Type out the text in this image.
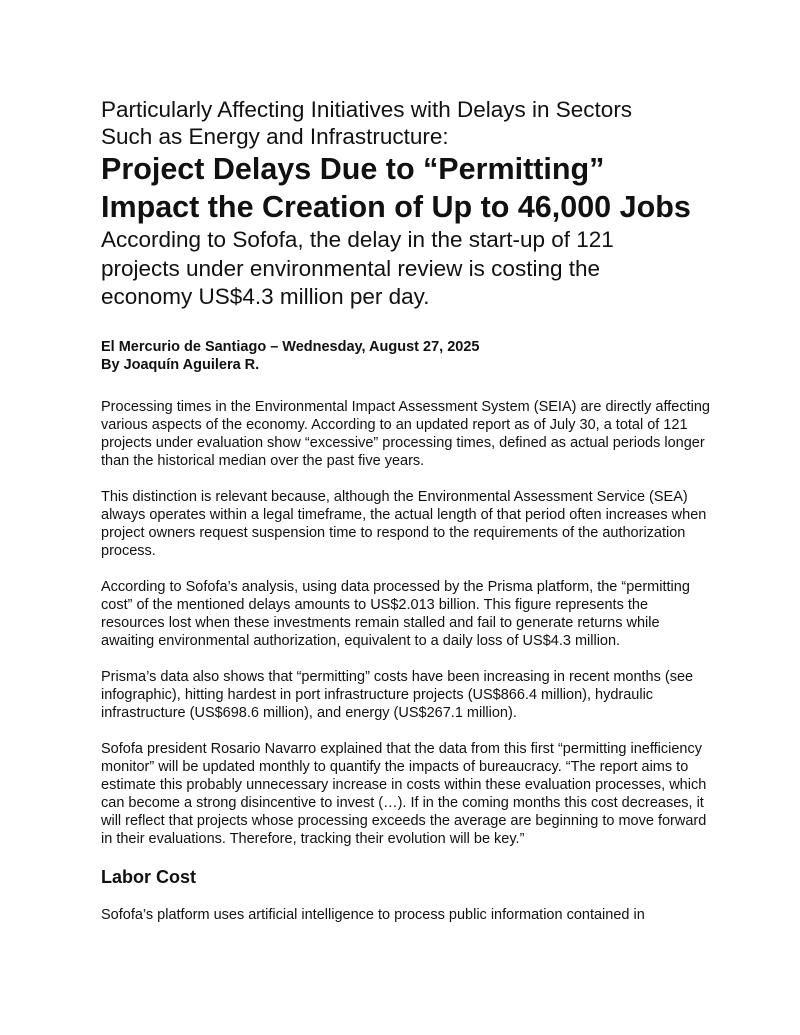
Particularly Affecting Initiatives with Delays in Sectors
Such as Energy and Infrastructure:
Project Delays Due to “Permitting”
Impact the Creation of Up to 46,000 Jobs
According to Sofofa, the delay in the start-up of 121
projects under environmental review is costing the
economy US$4.3 million per day.
El Mercurio de Santiago – Wednesday, August 27, 2025
By Joaquín Aguilera R.

Processing times in the Environmental Impact Assessment System (SEIA) are directly affecting various aspects of the economy. According to an updated report as of July 30, a total of 121 projects under evaluation show “excessive” processing times, defined as actual periods longer than the historical median over the past five years.

This distinction is relevant because, although the Environmental Assessment Service (SEA) always operates within a legal timeframe, the actual length of that period often increases when project owners request suspension time to respond to the requirements of the authorization process.

According to Sofofa’s analysis, using data processed by the Prisma platform, the “permitting cost” of the mentioned delays amounts to US$2.013 billion. This figure represents the resources lost when these investments remain stalled and fail to generate returns while awaiting environmental authorization, equivalent to a daily loss of US$4.3 million.

Prisma’s data also shows that “permitting” costs have been increasing in recent months (see infographic), hitting hardest in port infrastructure projects (US$866.4 million), hydraulic infrastructure (US$698.6 million), and energy (US$267.1 million).

Sofofa president Rosario Navarro explained that the data from this first “permitting inefficiency monitor” will be updated monthly to quantify the impacts of bureaucracy. “The report aims to estimate this probably unnecessary increase in costs within these evaluation processes, which can become a strong disincentive to invest (…). If in the coming months this cost decreases, it will reflect that projects whose processing exceeds the average are beginning to move forward in their evaluations. Therefore, tracking their evolution will be key.”

Labor Cost

Sofofa’s platform uses artificial intelligence to process public information contained in
